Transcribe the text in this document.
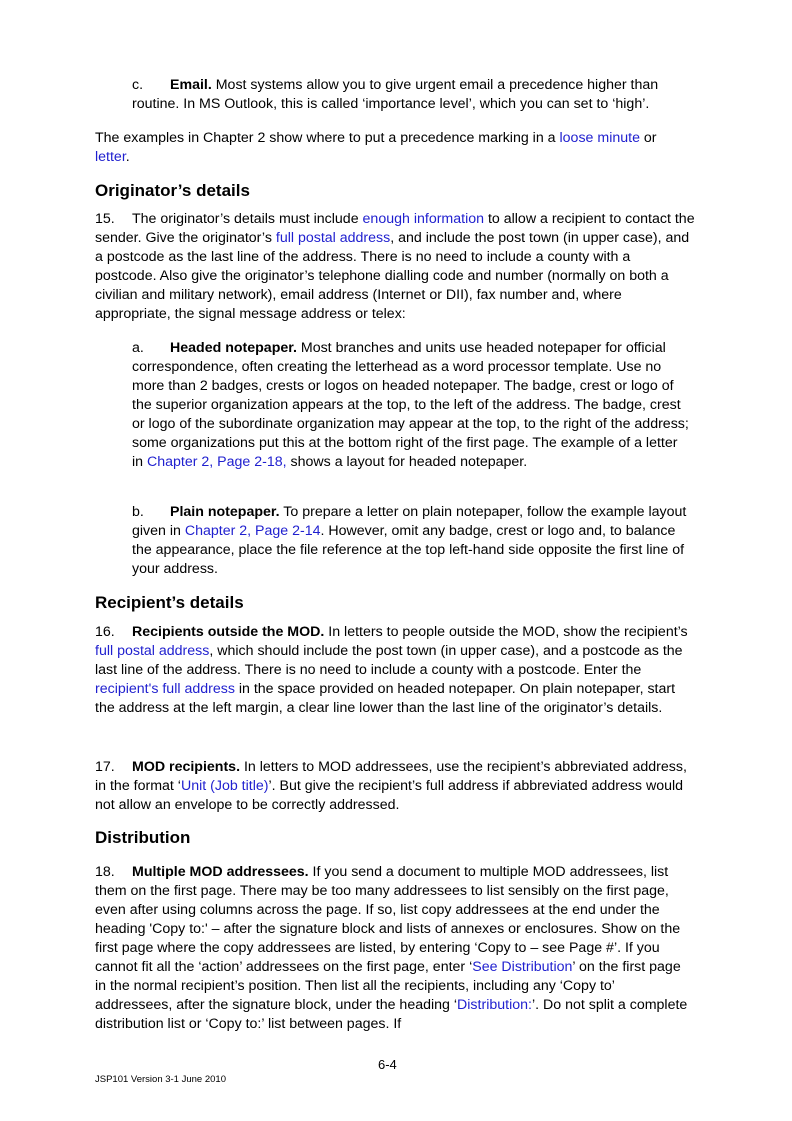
c. Email. Most systems allow you to give urgent email a precedence higher than routine. In MS Outlook, this is called ‘importance level’, which you can set to ‘high’.
The examples in Chapter 2 show where to put a precedence marking in a loose minute or letter.
Originator’s details
15. The originator’s details must include enough information to allow a recipient to contact the sender. Give the originator’s full postal address, and include the post town (in upper case), and a postcode as the last line of the address. There is no need to include a county with a postcode. Also give the originator’s telephone dialling code and number (normally on both a civilian and military network), email address (Internet or DII), fax number and, where appropriate, the signal message address or telex:
a. Headed notepaper. Most branches and units use headed notepaper for official correspondence, often creating the letterhead as a word processor template. Use no more than 2 badges, crests or logos on headed notepaper. The badge, crest or logo of the superior organization appears at the top, to the left of the address. The badge, crest or logo of the subordinate organization may appear at the top, to the right of the address; some organizations put this at the bottom right of the first page. The example of a letter in Chapter 2, Page 2-18, shows a layout for headed notepaper.
b. Plain notepaper. To prepare a letter on plain notepaper, follow the example layout given in Chapter 2, Page 2-14. However, omit any badge, crest or logo and, to balance the appearance, place the file reference at the top left-hand side opposite the first line of your address.
Recipient’s details
16. Recipients outside the MOD. In letters to people outside the MOD, show the recipient’s full postal address, which should include the post town (in upper case), and a postcode as the last line of the address. There is no need to include a county with a postcode. Enter the recipient's full address in the space provided on headed notepaper. On plain notepaper, start the address at the left margin, a clear line lower than the last line of the originator’s details.
17. MOD recipients. In letters to MOD addressees, use the recipient’s abbreviated address, in the format ‘Unit (Job title)’. But give the recipient’s full address if abbreviated address would not allow an envelope to be correctly addressed.
Distribution
18. Multiple MOD addressees. If you send a document to multiple MOD addressees, list them on the first page. There may be too many addressees to list sensibly on the first page, even after using columns across the page. If so, list copy addressees at the end under the heading 'Copy to:' – after the signature block and lists of annexes or enclosures. Show on the first page where the copy addressees are listed, by entering ‘Copy to – see Page #’. If you cannot fit all the ‘action’ addressees on the first page, enter ‘See Distribution’ on the first page in the normal recipient’s position. Then list all the recipients, including any ‘Copy to’ addressees, after the signature block, under the heading ‘Distribution:’. Do not split a complete distribution list or ‘Copy to:’ list between pages. If
6-4
JSP101 Version 3-1 June 2010
